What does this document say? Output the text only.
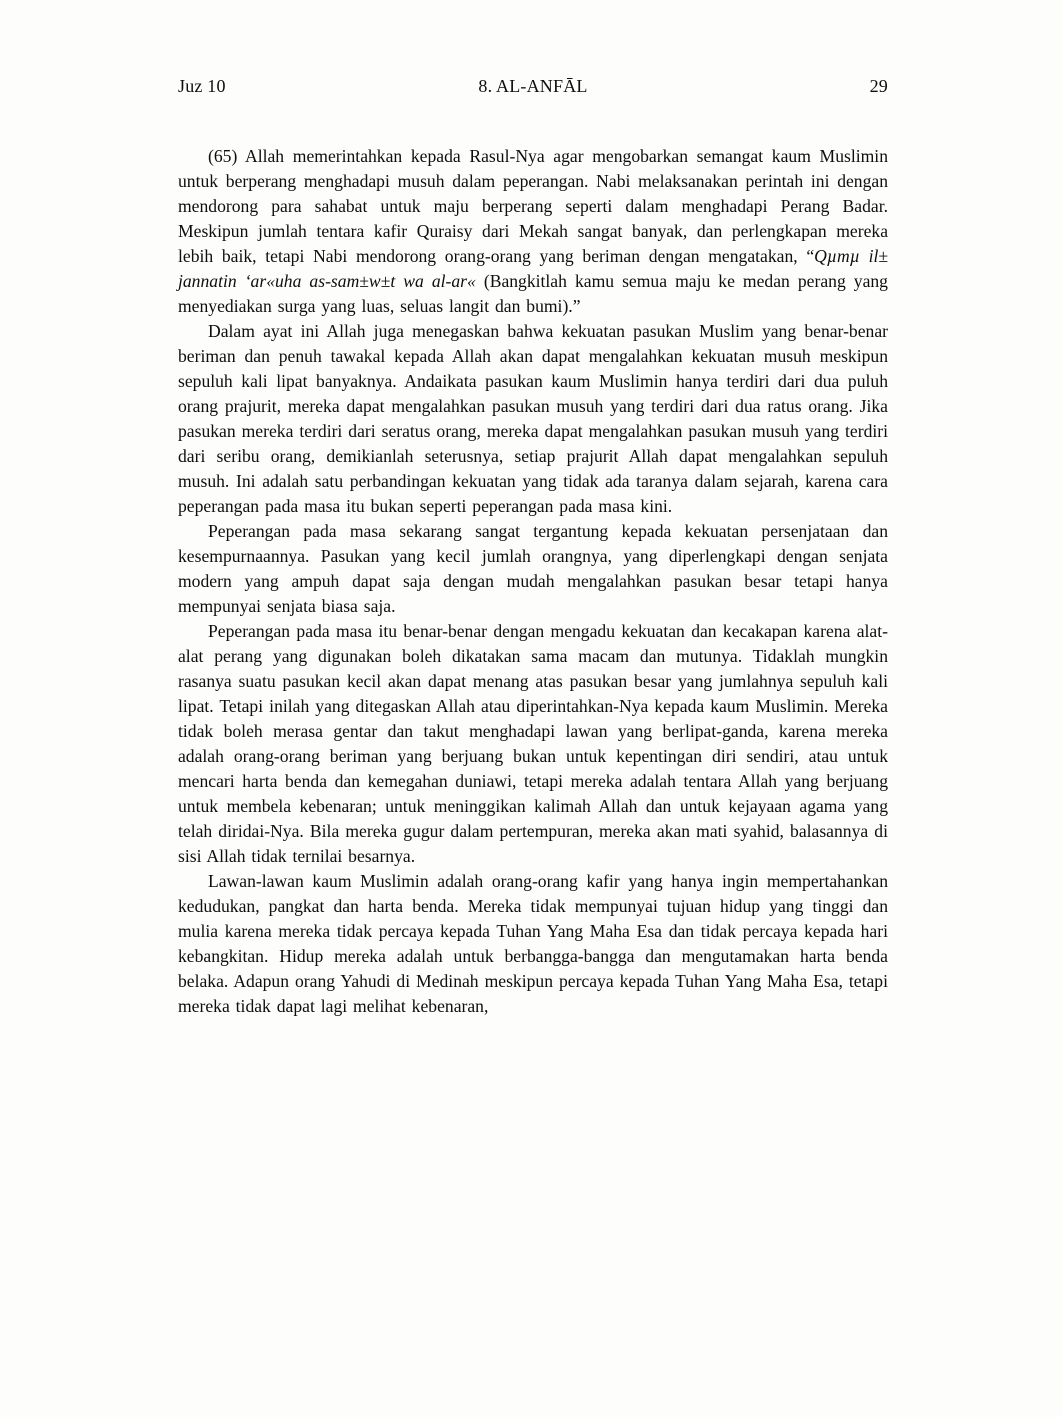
Juz 10	8. AL-ANFĀL	29

(65) Allah memerintahkan kepada Rasul-Nya agar mengobarkan semangat kaum Muslimin untuk berperang menghadapi musuh dalam peperangan. Nabi melaksanakan perintah ini dengan mendorong para sahabat untuk maju berperang seperti dalam menghadapi Perang Badar. Meskipun jumlah tentara kafir Quraisy dari Mekah sangat banyak, dan perlengkapan mereka lebih baik, tetapi Nabi mendorong orang-orang yang beriman dengan mengatakan, “Qµmµ il± jannatin ‘ar«uha as-sam±w±t wa al-ar« (Bangkitlah kamu semua maju ke medan perang yang menyediakan surga yang luas, seluas langit dan bumi).”

Dalam ayat ini Allah juga menegaskan bahwa kekuatan pasukan Muslim yang benar-benar beriman dan penuh tawakal kepada Allah akan dapat mengalahkan kekuatan musuh meskipun sepuluh kali lipat banyaknya. Andaikata pasukan kaum Muslimin hanya terdiri dari dua puluh orang prajurit, mereka dapat mengalahkan pasukan musuh yang terdiri dari dua ratus orang. Jika pasukan mereka terdiri dari seratus orang, mereka dapat mengalahkan pasukan musuh yang terdiri dari seribu orang, demikianlah seterusnya, setiap prajurit Allah dapat mengalahkan sepuluh musuh. Ini adalah satu perbandingan kekuatan yang tidak ada taranya dalam sejarah, karena cara peperangan pada masa itu bukan seperti peperangan pada masa kini.

Peperangan pada masa sekarang sangat tergantung kepada kekuatan persenjataan dan kesempurnaannya. Pasukan yang kecil jumlah orangnya, yang diperlengkapi dengan senjata modern yang ampuh dapat saja dengan mudah mengalahkan pasukan besar tetapi hanya mempunyai senjata biasa saja.

Peperangan pada masa itu benar-benar dengan mengadu kekuatan dan kecakapan karena alat-alat perang yang digunakan boleh dikatakan sama macam dan mutunya. Tidaklah mungkin rasanya suatu pasukan kecil akan dapat menang atas pasukan besar yang jumlahnya sepuluh kali lipat. Tetapi inilah yang ditegaskan Allah atau diperintahkan-Nya kepada kaum Muslimin. Mereka tidak boleh merasa gentar dan takut menghadapi lawan yang berlipat-ganda, karena mereka adalah orang-orang beriman yang berjuang bukan untuk kepentingan diri sendiri, atau untuk mencari harta benda dan kemegahan duniawi, tetapi mereka adalah tentara Allah yang berjuang untuk membela kebenaran; untuk meninggikan kalimah Allah dan untuk kejayaan agama yang telah diridai-Nya. Bila mereka gugur dalam pertempuran, mereka akan mati syahid, balasannya di sisi Allah tidak ternilai besarnya.

Lawan-lawan kaum Muslimin adalah orang-orang kafir yang hanya ingin mempertahankan kedudukan, pangkat dan harta benda. Mereka tidak mempunyai tujuan hidup yang tinggi dan mulia karena mereka tidak percaya kepada Tuhan Yang Maha Esa dan tidak percaya kepada hari kebangkitan. Hidup mereka adalah untuk berbangga-bangga dan mengutamakan harta benda belaka. Adapun orang Yahudi di Medinah meskipun percaya kepada Tuhan Yang Maha Esa, tetapi mereka tidak dapat lagi melihat kebenaran,
